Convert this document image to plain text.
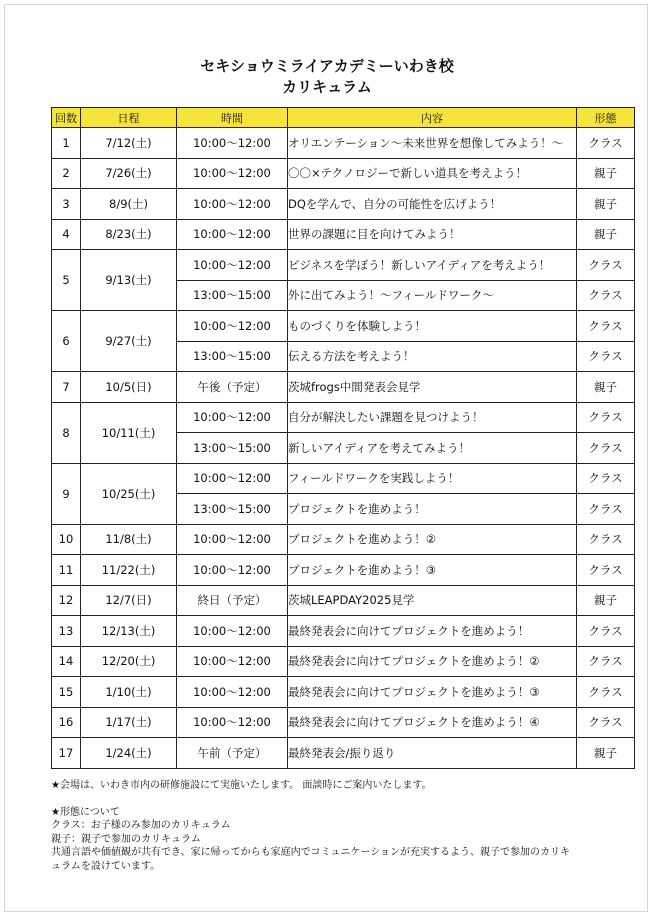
セキショウミライアカデミーいわき校
カリキュラム
回数	日程	時間	内容	形態
1	7/12(土)	10:00〜12:00	オリエンテーション〜未来世界を想像してみよう！〜	クラス
2	7/26(土)	10:00〜12:00	〇〇×テクノロジーで新しい道具を考えよう！	親子
3	8/9(土)	10:00〜12:00	DQを学んで、自分の可能性を広げよう！	親子
4	8/23(土)	10:00〜12:00	世界の課題に目を向けてみよう！	親子
5	9/13(土)	10:00〜12:00	ビジネスを学ぼう！新しいアイディアを考えよう！	クラス
		13:00〜15:00	外に出てみよう！〜フィールドワーク〜	クラス
6	9/27(土)	10:00〜12:00	ものづくりを体験しよう！	クラス
		13:00〜15:00	伝える方法を考えよう！	クラス
7	10/5(日)	午後（予定）	茨城frogs中間発表会見学	親子
8	10/11(土)	10:00〜12:00	自分が解決したい課題を見つけよう！	クラス
		13:00〜15:00	新しいアイディアを考えてみよう！	クラス
9	10/25(土)	10:00〜12:00	フィールドワークを実践しよう！	クラス
		13:00〜15:00	プロジェクトを進めよう！	クラス
10	11/8(土)	10:00〜12:00	プロジェクトを進めよう！②	クラス
11	11/22(土)	10:00〜12:00	プロジェクトを進めよう！③	クラス
12	12/7(日)	終日（予定）	茨城LEAPDAY2025見学	親子
13	12/13(土)	10:00〜12:00	最終発表会に向けてプロジェクトを進めよう！	クラス
14	12/20(土)	10:00〜12:00	最終発表会に向けてプロジェクトを進めよう！②	クラス
15	1/10(土)	10:00〜12:00	最終発表会に向けてプロジェクトを進めよう！③	クラス
16	1/17(土)	10:00〜12:00	最終発表会に向けてプロジェクトを進めよう！④	クラス
17	1/24(土)	午前（予定）	最終発表会/振り返り	親子

★会場は、いわき市内の研修施設にて実施いたします。 面談時にご案内いたします。

★形態について

クラス：お子様のみ参加のカリキュラム

親子：親子で参加のカリキュラム

共通言語や価値観が共有でき、家に帰ってからも家庭内でコミュニケーションが充実するよう、親子で参加のカリキ

ュラムを設けています。
